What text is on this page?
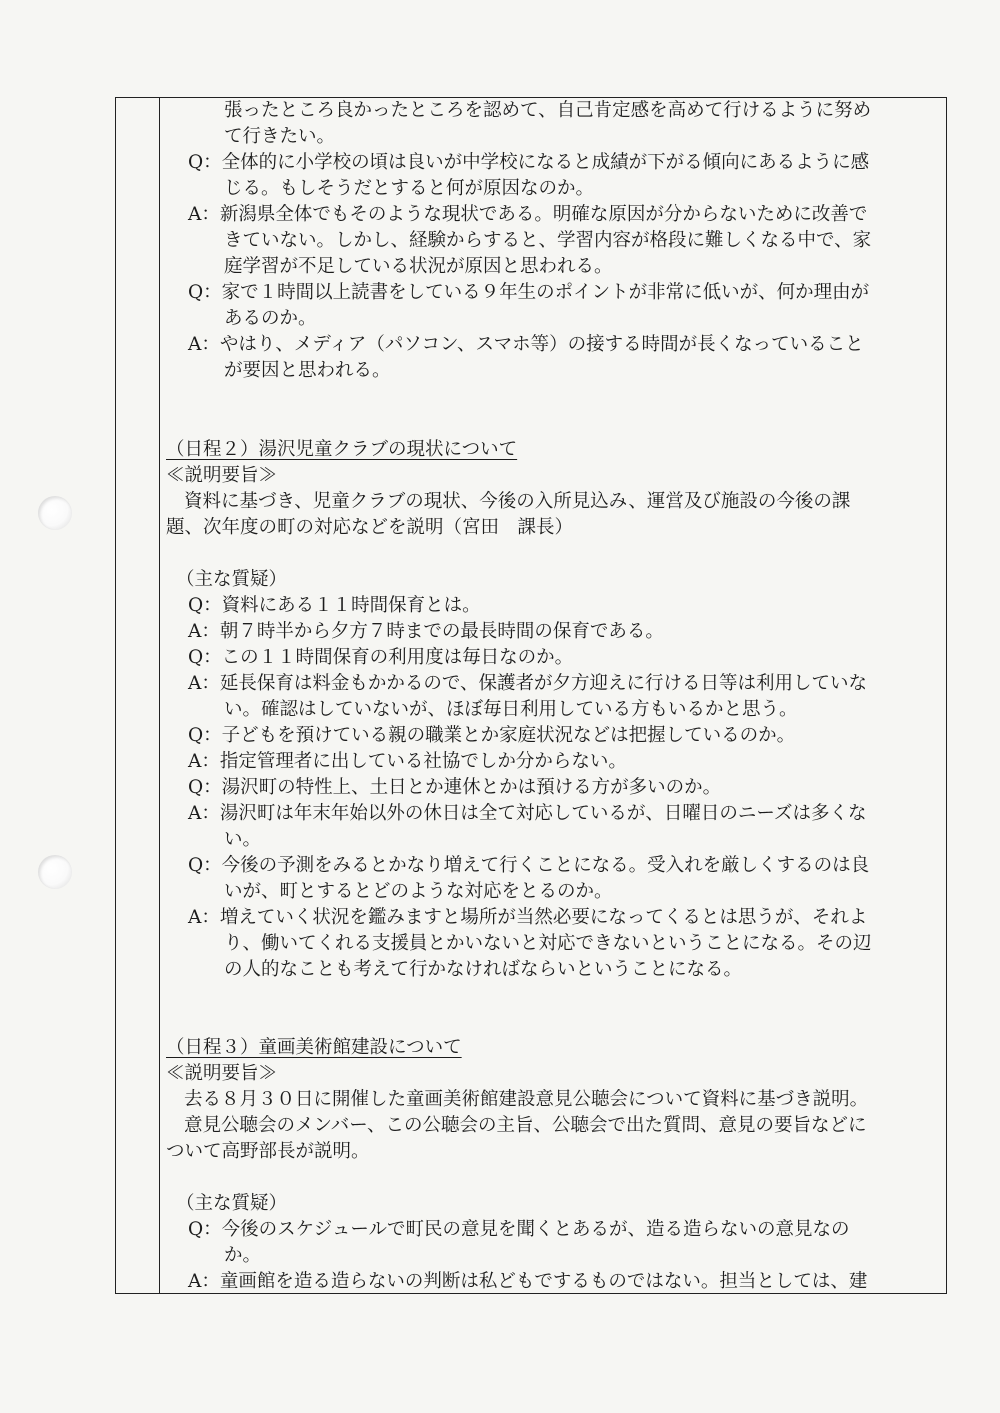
張ったところ良かったところを認めて、自己肯定感を高めて行けるように努め
て行きたい。
Q：全体的に小学校の頃は良いが中学校になると成績が下がる傾向にあるように感
じる。もしそうだとすると何が原因なのか。
A：新潟県全体でもそのような現状である。明確な原因が分からないために改善で
きていない。しかし、経験からすると、学習内容が格段に難しくなる中で、家
庭学習が不足している状況が原因と思われる。
Q：家で１時間以上読書をしている９年生のポイントが非常に低いが、何か理由が
あるのか。
A：やはり、メディア（パソコン、スマホ等）の接する時間が長くなっていること
が要因と思われる。
（日程２）湯沢児童クラブの現状について
≪説明要旨≫
資料に基づき、児童クラブの現状、今後の入所見込み、運営及び施設の今後の課
題、次年度の町の対応などを説明（宮田　課長）
（主な質疑）
Q：資料にある１１時間保育とは。
A：朝７時半から夕方７時までの最長時間の保育である。
Q：この１１時間保育の利用度は毎日なのか。
A：延長保育は料金もかかるので、保護者が夕方迎えに行ける日等は利用していな
い。確認はしていないが、ほぼ毎日利用している方もいるかと思う。
Q：子どもを預けている親の職業とか家庭状況などは把握しているのか。
A：指定管理者に出している社協でしか分からない。
Q：湯沢町の特性上、土日とか連休とかは預ける方が多いのか。
A：湯沢町は年末年始以外の休日は全て対応しているが、日曜日のニーズは多くな
い。
Q：今後の予測をみるとかなり増えて行くことになる。受入れを厳しくするのは良
いが、町とするとどのような対応をとるのか。
A：増えていく状況を鑑みますと場所が当然必要になってくるとは思うが、それよ
り、働いてくれる支援員とかいないと対応できないということになる。その辺
の人的なことも考えて行かなければならいということになる。
（日程３）童画美術館建設について
≪説明要旨≫
去る８月３０日に開催した童画美術館建設意見公聴会について資料に基づき説明。
意見公聴会のメンバー、この公聴会の主旨、公聴会で出た質問、意見の要旨などに
ついて高野部長が説明。
（主な質疑）
Q：今後のスケジュールで町民の意見を聞くとあるが、造る造らないの意見なの
か。
A：童画館を造る造らないの判断は私どもでするものではない。担当としては、建
